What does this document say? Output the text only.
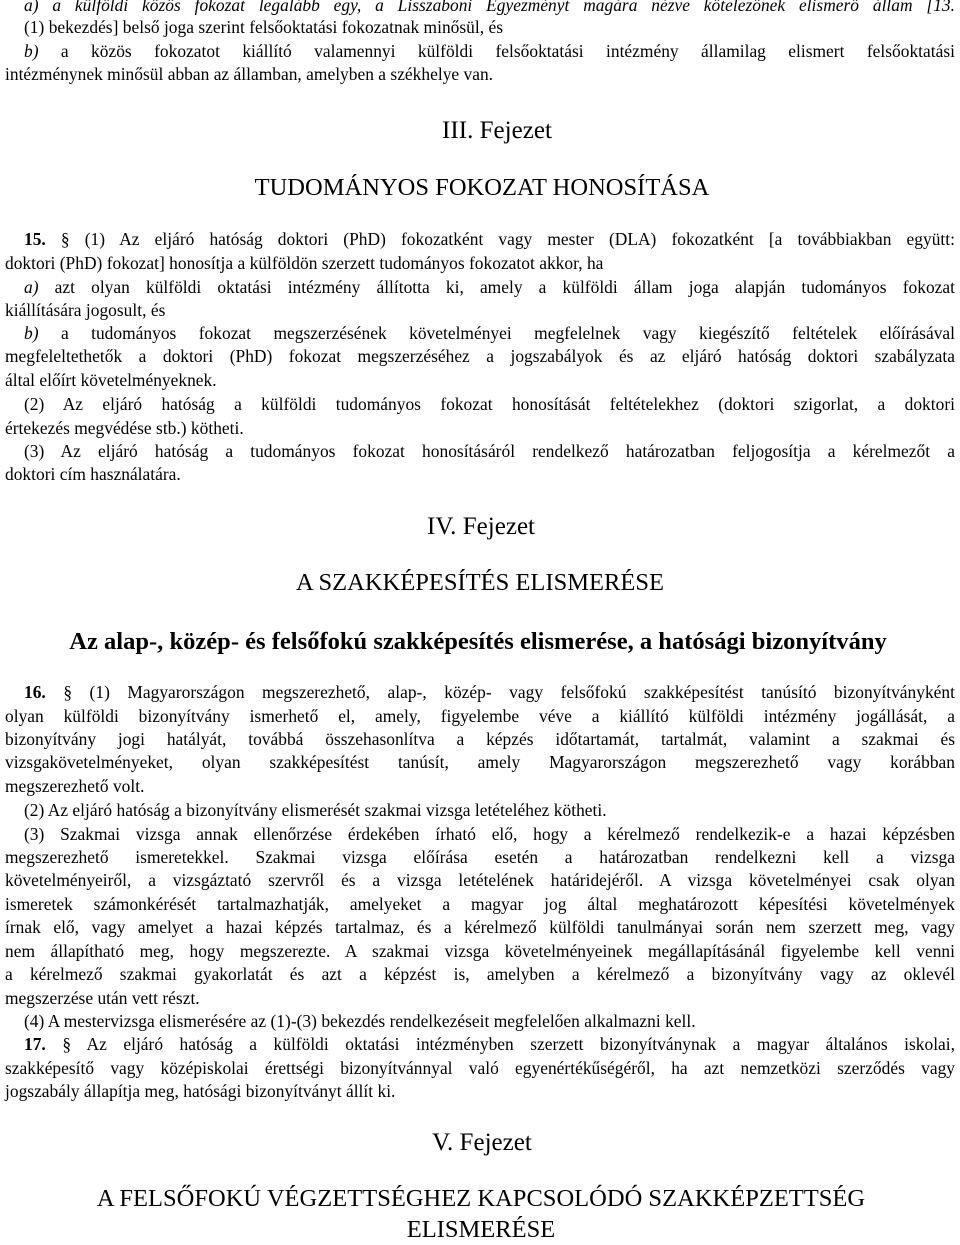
a) a külföldi közös fokozat legalább egy, a Lisszaboni Egyezményt magára nézve kötelezőnek elismerő állam [13.
(1) bekezdés] belső joga szerint felsőoktatási fokozatnak minősül, és
b) a közös fokozatot kiállító valamennyi külföldi felsőoktatási intézmény államilag elismert felsőoktatási
intézménynek minősül abban az államban, amelyben a székhelye van.
III. Fejezet
TUDOMÁNYOS FOKOZAT HONOSÍTÁSA
15. § (1) Az eljáró hatóság doktori (PhD) fokozatként vagy mester (DLA) fokozatként [a továbbiakban együtt:
doktori (PhD) fokozat] honosítja a külföldön szerzett tudományos fokozatot akkor, ha
a) azt olyan külföldi oktatási intézmény állította ki, amely a külföldi állam joga alapján tudományos fokozat
kiállítására jogosult, és
b) a tudományos fokozat megszerzésének követelményei megfelelnek vagy kiegészítő feltételek előírásával
megfeleltethetők a doktori (PhD) fokozat megszerzéséhez a jogszabályok és az eljáró hatóság doktori szabályzata
által előírt követelményeknek.
(2) Az eljáró hatóság a külföldi tudományos fokozat honosítását feltételekhez (doktori szigorlat, a doktori
értekezés megvédése stb.) kötheti.
(3) Az eljáró hatóság a tudományos fokozat honosításáról rendelkező határozatban feljogosítja a kérelmezőt a
doktori cím használatára.
IV. Fejezet
A SZAKKÉPESÍTÉS ELISMERÉSE
Az alap-, közép- és felsőfokú szakképesítés elismerése, a hatósági bizonyítvány
16. § (1) Magyarországon megszerezhető, alap-, közép- vagy felsőfokú szakképesítést tanúsító bizonyítványként
olyan külföldi bizonyítvány ismerhető el, amely, figyelembe véve a kiállító külföldi intézmény jogállását, a
bizonyítvány jogi hatályát, továbbá összehasonlítva a képzés időtartamát, tartalmát, valamint a szakmai és
vizsgakövetelményeket, olyan szakképesítést tanúsít, amely Magyarországon megszerezhető vagy korábban
megszerezhető volt.
(2) Az eljáró hatóság a bizonyítvány elismerését szakmai vizsga letételéhez kötheti.
(3) Szakmai vizsga annak ellenőrzése érdekében írható elő, hogy a kérelmező rendelkezik-e a hazai képzésben
megszerezhető ismeretekkel. Szakmai vizsga előírása esetén a határozatban rendelkezni kell a vizsga
követelményeiről, a vizsgáztató szervről és a vizsga letételének határidejéről. A vizsga követelményei csak olyan
ismeretek számonkérését tartalmazhatják, amelyeket a magyar jog által meghatározott képesítési követelmények
írnak elő, vagy amelyet a hazai képzés tartalmaz, és a kérelmező külföldi tanulmányai során nem szerzett meg, vagy
nem állapítható meg, hogy megszerezte. A szakmai vizsga követelményeinek megállapításánál figyelembe kell venni
a kérelmező szakmai gyakorlatát és azt a képzést is, amelyben a kérelmező a bizonyítvány vagy az oklevél
megszerzése után vett részt.
(4) A mestervizsga elismerésére az (1)-(3) bekezdés rendelkezéseit megfelelően alkalmazni kell.
17. § Az eljáró hatóság a külföldi oktatási intézményben szerzett bizonyítványnak a magyar általános iskolai,
szakképesítő vagy középiskolai érettségi bizonyítvánnyal való egyenértékűségéről, ha azt nemzetközi szerződés vagy
jogszabály állapítja meg, hatósági bizonyítványt állít ki.
V. Fejezet
A FELSŐFOKÚ VÉGZETTSÉGHEZ KAPCSOLÓDÓ SZAKKÉPZETTSÉG
ELISMERÉSE
